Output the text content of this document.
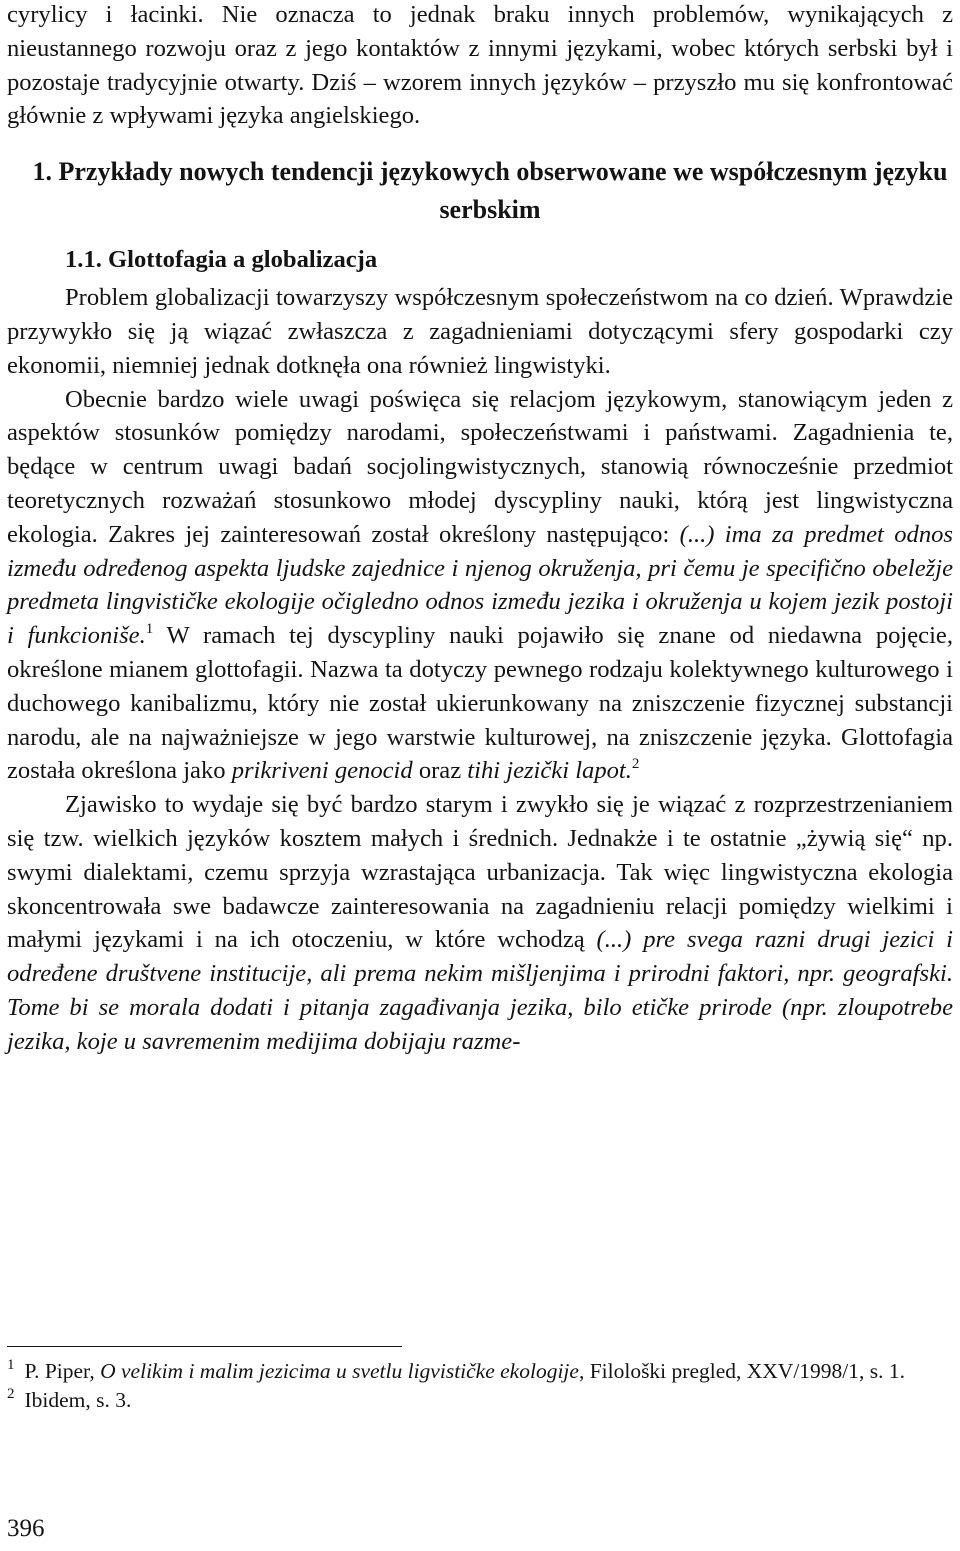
cyrylicy i łacinki. Nie oznacza to jednak braku innych problemów, wynikających z nieustannego rozwoju oraz z jego kontaktów z innymi językami, wobec których serbski był i pozostaje tradycyjnie otwarty. Dziś – wzorem innych języków – przyszło mu się konfrontować głównie z wpływami języka angielskiego.

1. Przykłady nowych tendencji językowych obserwowane we współczesnym języku serbskim
1.1. Glottofagia a globalizacja

Problem globalizacji towarzyszy współczesnym społeczeństwom na co dzień. Wprawdzie przywykło się ją wiązać zwłaszcza z zagadnieniami dotyczącymi sfery gospodarki czy ekonomii, niemniej jednak dotknęła ona również lingwistyki.

Obecnie bardzo wiele uwagi poświęca się relacjom językowym, stanowiącym jeden z aspektów stosunków pomiędzy narodami, społeczeństwami i państwami. Zagadnienia te, będące w centrum uwagi badań socjolingwistycznych, stanowią równocześnie przedmiot teoretycznych rozważań stosunkowo młodej dyscypliny nauki, którą jest lingwistyczna ekologia. Zakres jej zainteresowań został określony następująco: (...) ima za predmet odnos između određenog aspekta ljudske zajednice i njenog okruženja, pri čemu je specifično obeležje predmeta lingvističke ekologije očigledno odnos između jezika i okruženja u kojem jezik postoji i funkcioniše.$^1$ W ramach tej dyscypliny nauki pojawiło się znane od niedawna pojęcie, określone mianem glottofagii. Nazwa ta dotyczy pewnego rodzaju kolektywnego kulturowego i duchowego kanibalizmu, który nie został ukierunkowany na zniszczenie fizycznej substancji narodu, ale na najważniejsze w jego warstwie kulturowej, na zniszczenie języka. Glottofagia została określona jako prikriveni genocid oraz tihi jezički lapot.$^2$

Zjawisko to wydaje się być bardzo starym i zwykło się je wiązać z rozprzestrzenianiem się tzw. wielkich języków kosztem małych i średnich. Jednakże i te ostatnie „żywią się“ np. swymi dialektami, czemu sprzyja wzrastająca urbanizacja. Tak więc lingwistyczna ekologia skoncentrowała swe badawcze zainteresowania na zagadnieniu relacji pomiędzy wielkimi i małymi językami i na ich otoczeniu, w które wchodzą (...) pre svega razni drugi jezici i određene društvene institucije, ali prema nekim mišljenjima i prirodni faktori, npr. geografski. Tome bi se morala dodati i pitanja zagađivanja jezika, bilo etičke prirode (npr. zloupotrebe jezika, koje u savremenim medijima dobijaju razme-

$^1$ P. Piper, O velikim i malim jezicima u svetlu ligvističke ekologije, Filološki pregled, XXV/1998/1, s. 1.
$^2$ Ibidem, s. 3.
396
